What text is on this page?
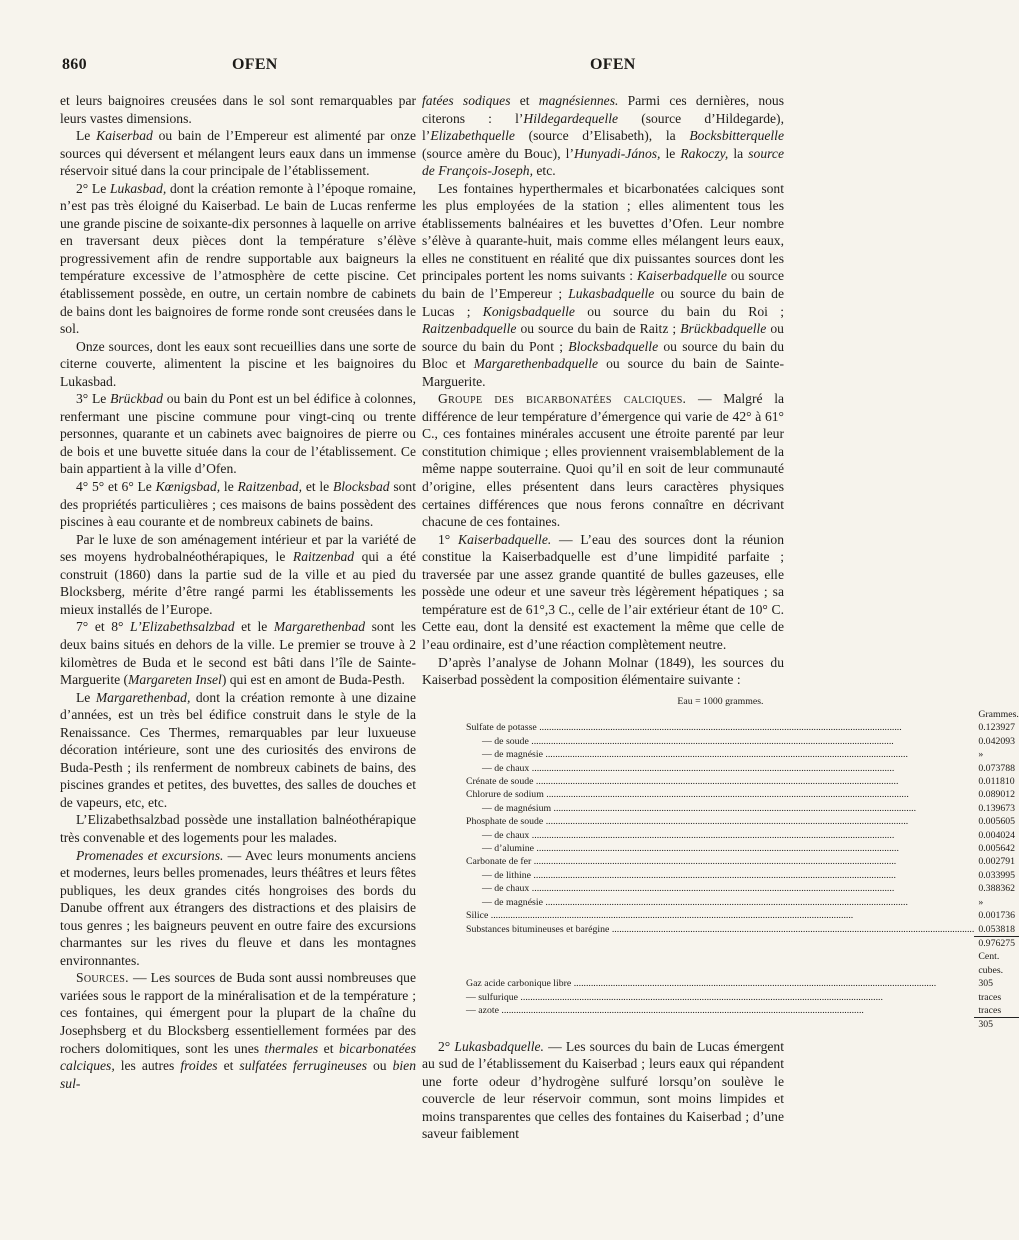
860	OFEN	OFEN

et leurs baignoires creusées dans le sol sont remarquables par leurs vastes dimensions.

Le Kaiserbad ou bain de l’Empereur est alimenté par onze sources qui déversent et mélangent leurs eaux dans un immense réservoir situé dans la cour principale de l’établissement.

2° Le Lukasbad, dont la création remonte à l’époque romaine, n’est pas très éloigné du Kaiserbad. Le bain de Lucas renferme une grande piscine de soixante-dix personnes à laquelle on arrive en traversant deux pièces dont la température s’élève progressivement afin de rendre supportable aux baigneurs la température excessive de l’atmosphère de cette piscine. Cet établissement possède, en outre, un certain nombre de cabinets de bains dont les baignoires de forme ronde sont creusées dans le sol.

Onze sources, dont les eaux sont recueillies dans une sorte de citerne couverte, alimentent la piscine et les baignoires du Lukasbad.

3° Le Brückbad ou bain du Pont est un bel édifice à colonnes, renfermant une piscine commune pour vingt-cinq ou trente personnes, quarante et un cabinets avec baignoires de pierre ou de bois et une buvette située dans la cour de l’établissement. Ce bain appartient à la ville d’Ofen.

4° 5° et 6° Le Kœnigsbad, le Raitzenbad, et le Blocksbad sont des propriétés particulières ; ces maisons de bains possèdent des piscines à eau courante et de nombreux cabinets de bains.

Par le luxe de son aménagement intérieur et par la variété de ses moyens hydrobalnéothérapiques, le Raitzenbad qui a été construit (1860) dans la partie sud de la ville et au pied du Blocksberg, mérite d’être rangé parmi les établissements les mieux installés de l’Europe.

7° et 8° L’Elizabethsalzbad et le Margarethenbad sont les deux bains situés en dehors de la ville. Le premier se trouve à 2 kilomètres de Buda et le second est bâti dans l’île de Sainte-Marguerite (Margareten Insel) qui est en amont de Buda-Pesth.

Le Margarethenbad, dont la création remonte à une dizaine d’années, est un très bel édifice construit dans le style de la Renaissance. Ces Thermes, remarquables par leur luxueuse décoration intérieure, sont une des curiosités des environs de Buda-Pesth ; ils renferment de nombreux cabinets de bains, des piscines grandes et petites, des buvettes, des salles de douches et de vapeurs, etc, etc.

L’Elizabethsalzbad possède une installation balnéothérapique très convenable et des logements pour les malades.

Promenades et excursions. — Avec leurs monuments anciens et modernes, leurs belles promenades, leurs théâtres et leurs fêtes publiques, les deux grandes cités hongroises des bords du Danube offrent aux étrangers des distractions et des plaisirs de tous genres ; les baigneurs peuvent en outre faire des excursions charmantes sur les rives du fleuve et dans les montagnes environnantes.

Sources. — Les sources de Buda sont aussi nombreuses que variées sous le rapport de la minéralisation et de la température ; ces fontaines, qui émergent pour la plupart de la chaîne du Josephsberg et du Blocksberg essentiellement formées par des rochers dolomitiques, sont les unes thermales et bicarbonatées calciques, les autres froides et sulfatées ferrugineuses ou bien sul-

fatées sodiques et magnésiennes. Parmi ces dernières, nous citerons : l’Hildegardequelle (source d’Hildegarde), l’Elizabethquelle (source d’Elisabeth), la Bocksbitterquelle (source amère du Bouc), l’Hunyadi-János, le Rakoczy, la source de François-Joseph, etc.

Les fontaines hyperthermales et bicarbonatées calciques sont les plus employées de la station ; elles alimentent tous les établissements balnéaires et les buvettes d’Ofen. Leur nombre s’élève à quarante-huit, mais comme elles mélangent leurs eaux, elles ne constituent en réalité que dix puissantes sources dont les principales portent les noms suivants : Kaiserbadquelle ou source du bain de l’Empereur ; Lukasbadquelle ou source du bain de Lucas ; Konigsbadquelle ou source du bain du Roi ; Raitzenbadquelle ou source du bain de Raitz ; Brückbadquelle ou source du bain du Pont ; Blocksbadquelle ou source du bain du Bloc et Margarethenbadquelle ou source du bain de Sainte-Marguerite.

Groupe des bicarbonatées calciques. — Malgré la différence de leur température d’émergence qui varie de 42° à 61° C., ces fontaines minérales accusent une étroite parenté par leur constitution chimique ; elles proviennent vraisemblablement de la même nappe souterraine. Quoi qu’il en soit de leur communauté d’origine, elles présentent dans leurs caractères physiques certaines différences que nous ferons connaître en décrivant chacune de ces fontaines.

1° Kaiserbadquelle. — L’eau des sources dont la réunion constitue la Kaiserbadquelle est d’une limpidité parfaite ; traversée par une assez grande quantité de bulles gazeuses, elle possède une odeur et une saveur très légèrement hépatiques ; sa température est de 61°,3 C., celle de l’air extérieur étant de 10° C. Cette eau, dont la densité est exactement la même que celle de l’eau ordinaire, est d’une réaction complètement neutre.

D’après l’analyse de Johann Molnar (1849), les sources du Kaiserbad possèdent la composition élémentaire suivante :

Eau = 1000 grammes.	
	Grammes.
Sulfate de potasse .....	0.123927
— de soude .....	0.042093
— de magnésie .....	»
— de chaux .....	0.073788
Crénate de soude .....	0.011810
Chlorure de sodium .....	0.089012
— de magnésium .....	0.139673
Phosphate de soude .....	0.005605
— de chaux .....	0.004024
— d’alumine .....	0.005642
Carbonate de fer .....	0.002791
— de lithine .....	0.033995
— de chaux .....	0.388362
— de magnésie .....	»
Silice .....	0.001736
Substances bitumineuses et barégine .....	0.053818
	0.976275
	Cent. cubes.
Gaz acide carbonique libre .....	305
— sulfurique .....	traces
— azote .....	traces
	305

2° Lukasbadquelle. — Les sources du bain de Lucas émergent au sud de l’établissement du Kaiserbad ; leurs eaux qui répandent une forte odeur d’hydrogène sulfuré lorsqu’on soulève le couvercle de leur réservoir commun, sont moins limpides et moins transparentes que celles des fontaines du Kaiserbad ; d’une saveur faiblement
